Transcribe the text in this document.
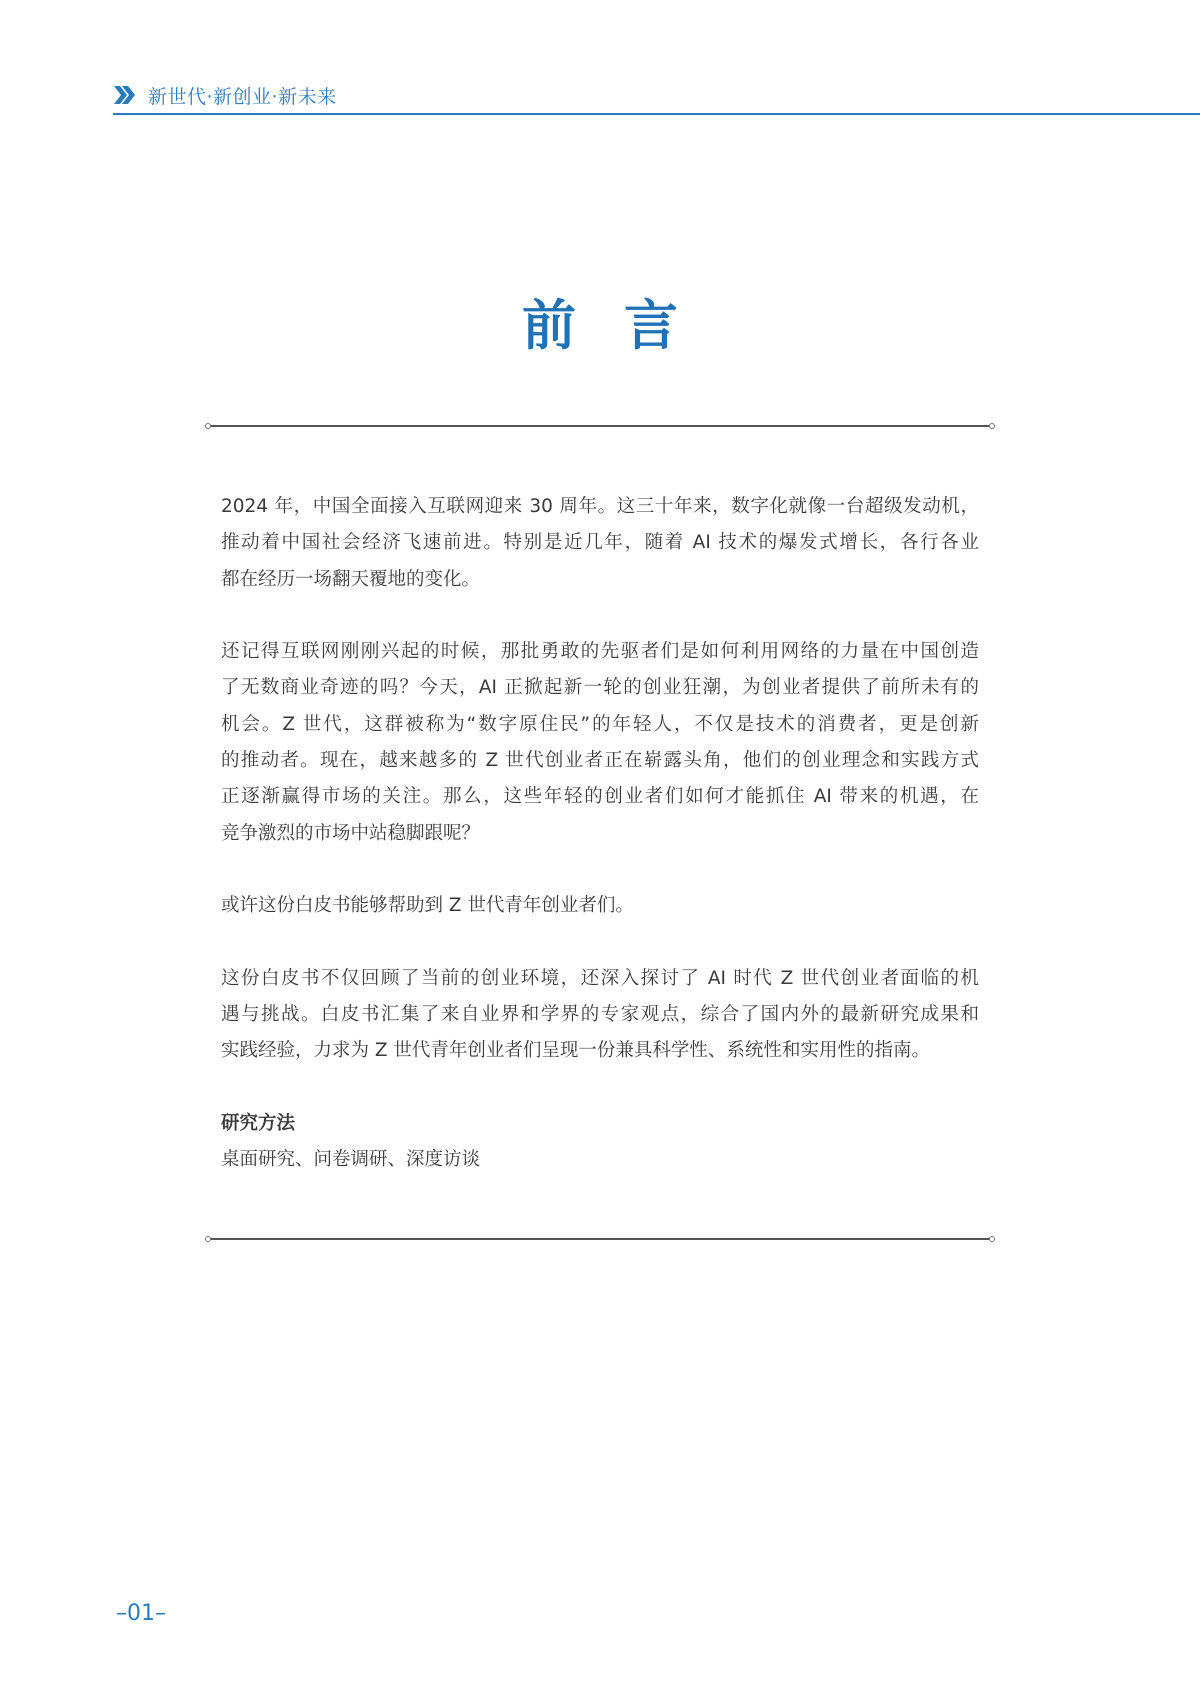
新世代·新创业·新未来
前言
2024 年，中国全面接入互联网迎来 30 周年。这三十年来，数字化就像一台超级发动机，
推动着中国社会经济飞速前进。特别是近几年，随着 AI 技术的爆发式增长，各行各业
都在经历一场翻天覆地的变化。
还记得互联网刚刚兴起的时候，那批勇敢的先驱者们是如何利用网络的力量在中国创造
了无数商业奇迹的吗？今天，AI 正掀起新一轮的创业狂潮，为创业者提供了前所未有的
机会。Z 世代，这群被称为“数字原住民”的年轻人，不仅是技术的消费者，更是创新
的推动者。现在，越来越多的 Z 世代创业者正在崭露头角，他们的创业理念和实践方式
正逐渐赢得市场的关注。那么，这些年轻的创业者们如何才能抓住 AI 带来的机遇，在
竞争激烈的市场中站稳脚跟呢？
或许这份白皮书能够帮助到 Z 世代青年创业者们。
这份白皮书不仅回顾了当前的创业环境，还深入探讨了 AI 时代 Z 世代创业者面临的机
遇与挑战。白皮书汇集了来自业界和学界的专家观点，综合了国内外的最新研究成果和
实践经验，力求为 Z 世代青年创业者们呈现一份兼具科学性、系统性和实用性的指南。
研究方法
桌面研究、问卷调研、深度访谈
–01–
